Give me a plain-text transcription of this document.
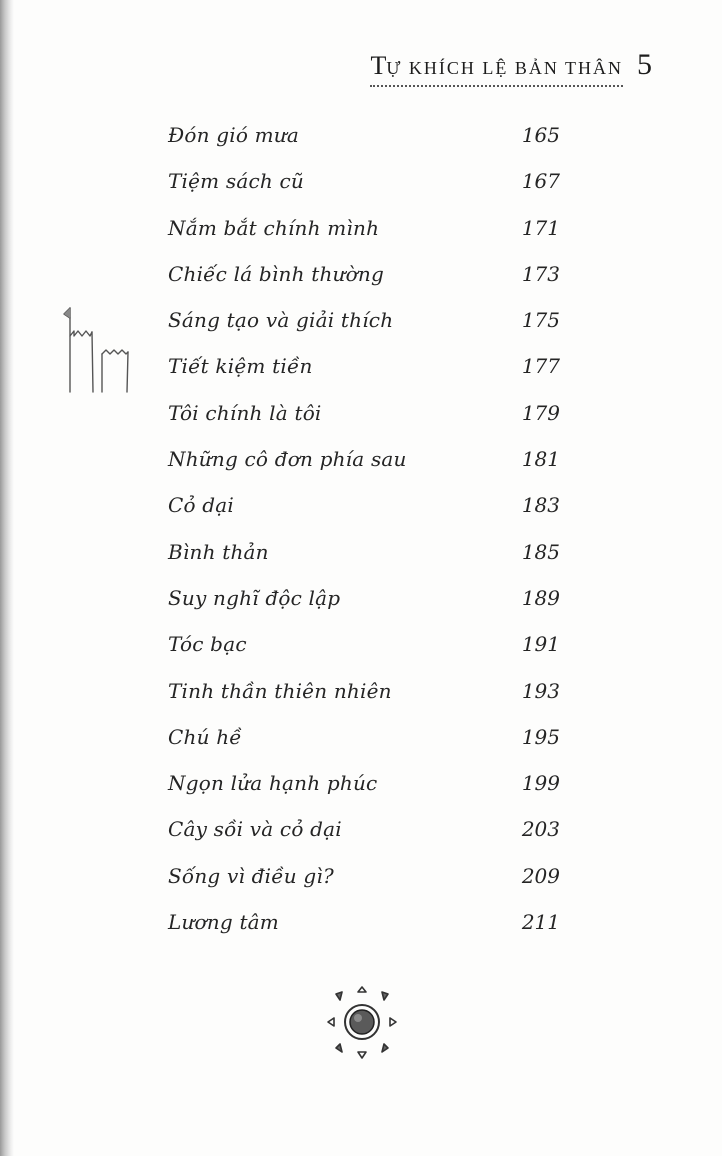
TỰ KHÍCH LỆ BẢN THÂN 5
Đón gió mưa	165
Tiệm sách cũ	167
Nắm bắt chính mình	171
Chiếc lá bình thường	173
Sáng tạo và giải thích	175
Tiết kiệm tiền	177
Tôi chính là tôi	179
Những cô đơn phía sau	181
Cỏ dại	183
Bình thản	185
Suy nghĩ độc lập	189
Tóc bạc	191
Tinh thần thiên nhiên	193
Chú hề	195
Ngọn lửa hạnh phúc	199
Cây sồi và cỏ dại	203
Sống vì điều gì?	209
Lương tâm	211
